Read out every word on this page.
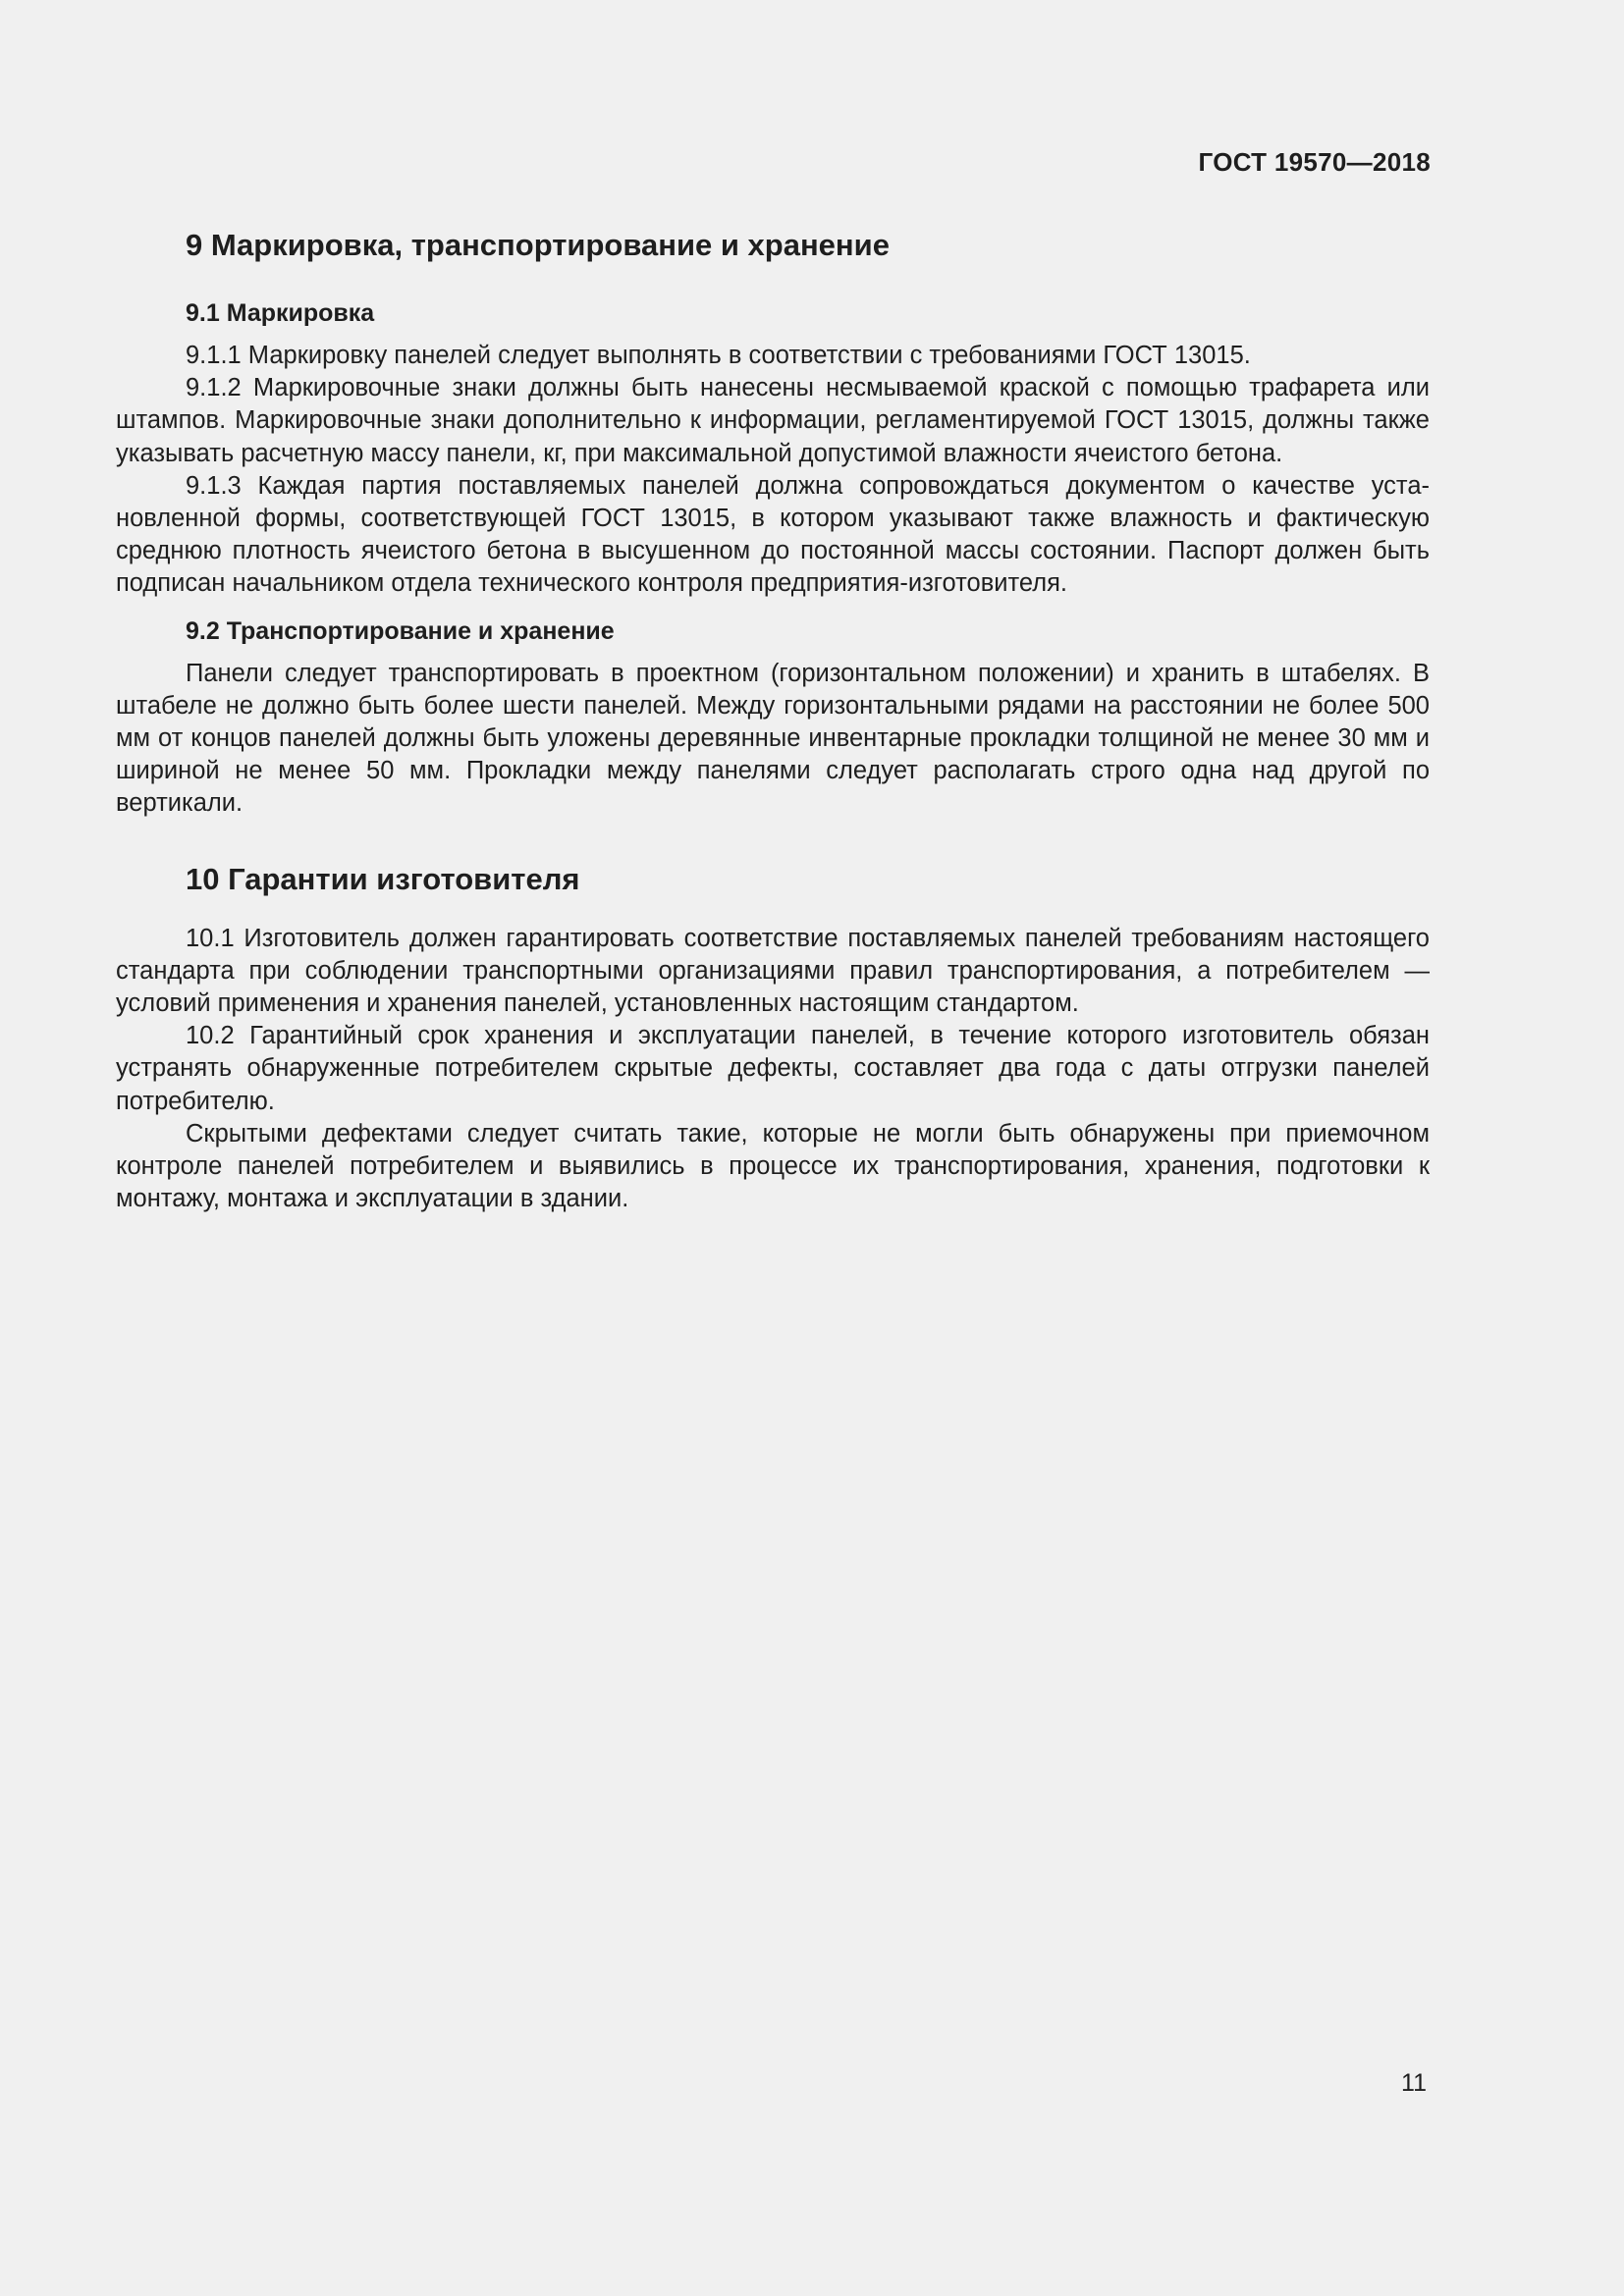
ГОСТ 19570—2018
9 Маркировка, транспортирование и хранение
9.1 Маркировка

9.1.1 Маркировку панелей следует выполнять в соответствии с требованиями ГОСТ 13015.

9.1.2 Маркировочные знаки должны быть нанесены несмываемой краской с помощью трафарета или штампов. Маркировочные знаки дополнительно к информации, регламентируемой ГОСТ 13015, должны также указывать расчетную массу панели, кг, при максимальной допустимой влажности ячеистого бетона.

9.1.3 Каждая партия поставляемых панелей должна сопровождаться документом о качестве установленной формы, соответствующей ГОСТ 13015, в котором указывают также влажность и фактическую среднюю плотность ячеистого бетона в высушенном до постоянной массы состоянии. Паспорт должен быть подписан начальником отдела технического контроля предприятия-изготовителя.

9.2 Транспортирование и хранение

Панели следует транспортировать в проектном (горизонтальном положении) и хранить в штабелях. В штабеле не должно быть более шести панелей. Между горизонтальными рядами на расстоянии не более 500 мм от концов панелей должны быть уложены деревянные инвентарные прокладки толщиной не менее 30 мм и шириной не менее 50 мм. Прокладки между панелями следует располагать строго одна над другой по вертикали.

10 Гарантии изготовителя

10.1 Изготовитель должен гарантировать соответствие поставляемых панелей требованиям настоящего стандарта при соблюдении транспортными организациями правил транспортирования, а потребителем — условий применения и хранения панелей, установленных настоящим стандартом.

10.2 Гарантийный срок хранения и эксплуатации панелей, в течение которого изготовитель обязан устранять обнаруженные потребителем скрытые дефекты, составляет два года с даты отгрузки панелей потребителю.

Скрытыми дефектами следует считать такие, которые не могли быть обнаружены при приемочном контроле панелей потребителем и выявились в процессе их транспортирования, хранения, подготовки к монтажу, монтажа и эксплуатации в здании.

11
